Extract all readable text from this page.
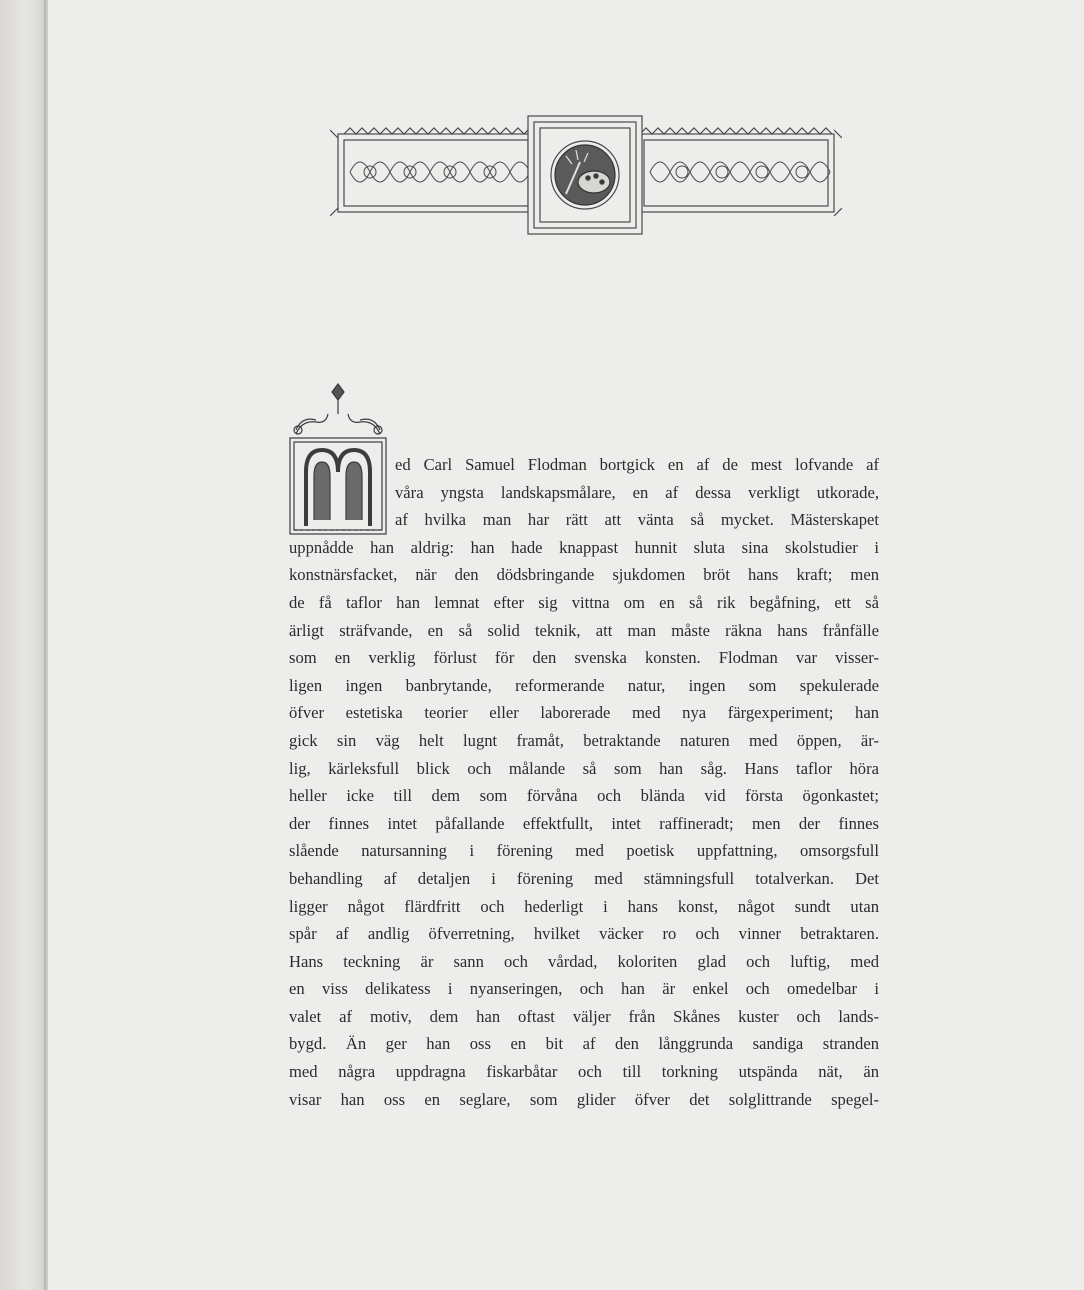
ed Carl Samuel Flodman bortgick en af de mest lofvande af
våra yngsta landskapsmålare, en af dessa verkligt utkorade,
af hvilka man har rätt att vänta så mycket. Mästerskapet
uppnådde han aldrig: han hade knappast hunnit sluta sina skolstudier i
konstnärsfacket, när den dödsbringande sjukdomen bröt hans kraft; men
de få taflor han lemnat efter sig vittna om en så rik begåfning, ett så
ärligt sträfvande, en så solid teknik, att man måste räkna hans frånfälle
som en verklig förlust för den svenska konsten. Flodman var visser-
ligen ingen banbrytande, reformerande natur, ingen som spekulerade
öfver estetiska teorier eller laborerade med nya färgexperiment; han
gick sin väg helt lugnt framåt, betraktande naturen med öppen, är-
lig, kärleksfull blick och målande så som han såg. Hans taflor höra
heller icke till dem som förvåna och blända vid första ögonkastet;
der finnes intet påfallande effektfullt, intet raffineradt; men der finnes
slående natursanning i förening med poetisk uppfattning, omsorgsfull
behandling af detaljen i förening med stämningsfull totalverkan. Det
ligger något flärdfritt och hederligt i hans konst, något sundt utan
spår af andlig öfverretning, hvilket väcker ro och vinner betraktaren.
Hans teckning är sann och vårdad, koloriten glad och luftig, med
en viss delikatess i nyanseringen, och han är enkel och omedelbar i
valet af motiv, dem han oftast väljer från Skånes kuster och lands-
bygd. Än ger han oss en bit af den långgrunda sandiga stranden
med några uppdragna fiskarbåtar och till torkning utspända nät, än
visar han oss en seglare, som glider öfver det solglittrande spegel-
